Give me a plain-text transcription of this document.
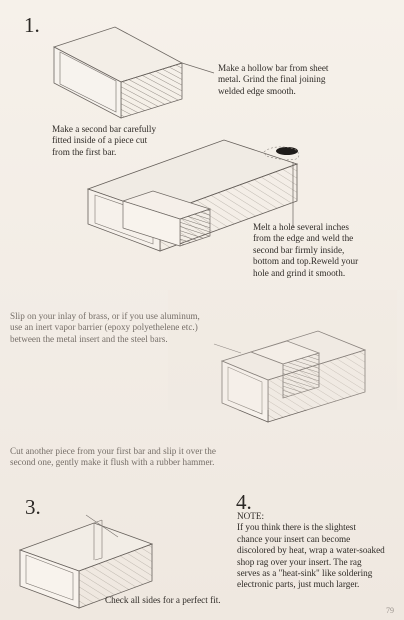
1.
Make a hollow bar from sheet
metal. Grind the final joining
welded edge smooth.
Make a second bar carefully
fitted inside of a piece cut
from the first bar.
Melt a hole several inches
from the edge and weld the
second bar firmly inside,
bottom and top.Reweld your
hole and grind it smooth.
Slip on your inlay of brass, or if you use aluminum,
use an inert vapor barrier (epoxy polyethelene etc.)
between the metal insert and the steel bars.
Cut another piece from your first bar and slip it over the
second one, gently make it flush with a rubber hammer.
3.
Check all sides for a perfect fit.
4.
NOTE:
If you think there is the slightest
chance your insert can become
discolored by heat, wrap a water-soaked
shop rag over your insert. The rag
serves as a "heat-sink" like soldering
electronic parts, just much larger.
79
